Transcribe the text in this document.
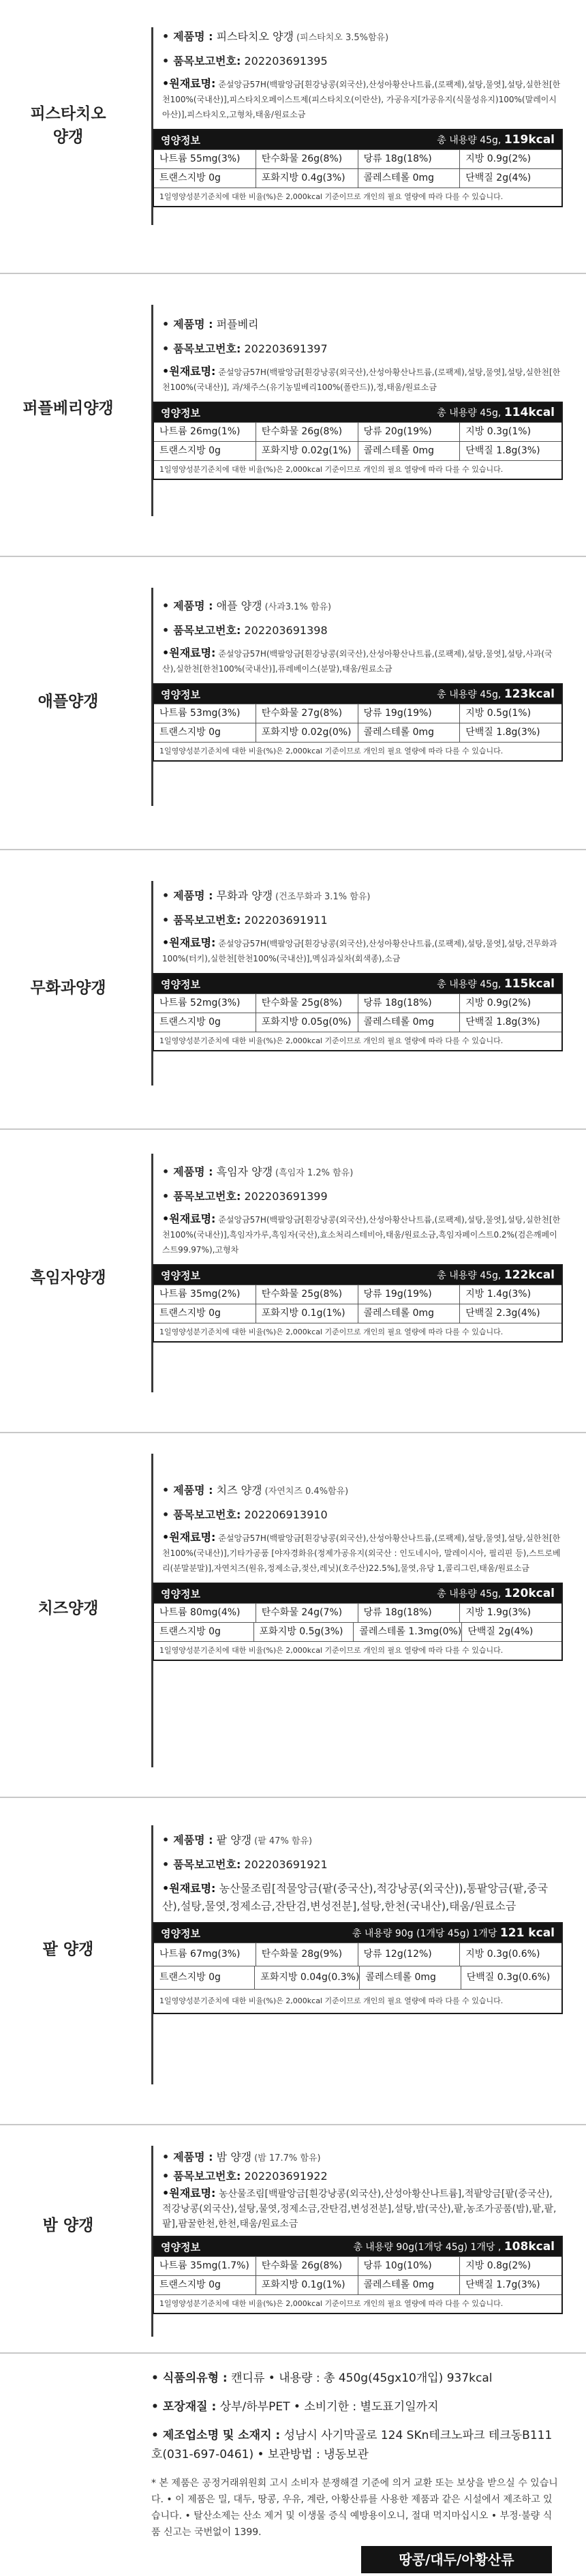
피스타치오
양갱
• 제품명 : 피스타치오 양갱 (피스타치오 3.5%함유)
• 품목보고번호: 202203691395
•원재료명: 준설앙금57H(백팔앙금[흰강낭콩(외국산),산성아황산나트륨,(로팩제),설탕,물엿],설탕,실한천[한천100%(국내산)],피스타치오페이스트제(피스타치오(이란산), 가공유지[가공유지(식물성유지)100%(말레이시아산)],피스타치오,고형차,태움/원료소금
영양정보	총 내용량 45g, 119kcal
나트륨 55mg(3%)	탄수화물 26g(8%)	당류 18g(18%)	지방 0.9g(2%)
트랜스지방 0g	포화지방 0.4g(3%)	콜레스테롤 0mg	단백질 2g(4%)
1일영양성분기준치에 대한 비율(%)은 2,000kcal 기준이므로 개인의 필요 열량에 따라 다를 수 있습니다.
퍼플베리양갱
• 제품명 : 퍼플베리
• 품목보고번호: 202203691397
•원재료명: 준설앙금57H(백팔앙금[흰강낭콩(외국산),산성아황산나트륨,(로팩제),설탕,물엿],설탕,실한천[한천100%(국내산)], 과/채주스(유기농빌베리100%(폴란드)),정,태움/원료소금
영양정보	총 내용량 45g, 114kcal
나트륨 26mg(1%)	탄수화물 26g(8%)	당류 20g(19%)	지방 0.3g(1%)
트랜스지방 0g	포화지방 0.02g(1%)	콜레스테롤 0mg	단백질 1.8g(3%)
1일영양성분기준치에 대한 비율(%)은 2,000kcal 기준이므로 개인의 필요 열량에 따라 다를 수 있습니다.
애플양갱
• 제품명 : 애플 양갱 (사과3.1% 함유)
• 품목보고번호: 202203691398
•원재료명: 준설앙금57H(백팔앙금[흰강낭콩(외국산),산성아황산나트륨,(로팩제),설탕,물엿],설탕,사과(국산),실한천[한천100%(국내산)],퓨레베이스(분말),태움/원료소금
영양정보	총 내용량 45g, 123kcal
나트륨 53mg(3%)	탄수화물 27g(8%)	당류 19g(19%)	지방 0.5g(1%)
트랜스지방 0g	포화지방 0.02g(0%)	콜레스테롤 0mg	단백질 1.8g(3%)
1일영양성분기준치에 대한 비율(%)은 2,000kcal 기준이므로 개인의 필요 열량에 따라 다를 수 있습니다.
무화과양갱
• 제품명 : 무화과 양갱 (건조무화과 3.1% 함유)
• 품목보고번호: 202203691911
•원재료명: 준설앙금57H(백팔앙금[흰강낭콩(외국산),산성아황산나트륨,(로팩제),설탕,물엿],설탕,건무화과100%(터키),실한천[한천100%(국내산)],멕심과실차(회색종),소금
영양정보	총 내용량 45g, 115kcal
나트륨 52mg(3%)	탄수화물 25g(8%)	당류 18g(18%)	지방 0.9g(2%)
트랜스지방 0g	포화지방 0.05g(0%)	콜레스테롤 0mg	단백질 1.8g(3%)
1일영양성분기준치에 대한 비율(%)은 2,000kcal 기준이므로 개인의 필요 열량에 따라 다를 수 있습니다.
흑임자양갱
• 제품명 : 흑임자 양갱 (흑임자 1.2% 함유)
• 품목보고번호: 202203691399
•원재료명: 준설앙금57H(백팔앙금[흰강낭콩(외국산),산성아황산나트륨,(로팩제),설탕,물엿],설탕,실한천[한천100%(국내산)],흑임자가루,흑임자(국산),효소처리스테비아,태움/원료소금,흑임자페이스트0.2%(검은깨페이스트99.97%),고형차
영양정보	총 내용량 45g, 122kcal
나트륨 35mg(2%)	탄수화물 25g(8%)	당류 19g(19%)	지방 1.4g(3%)
트랜스지방 0g	포화지방 0.1g(1%)	콜레스테롤 0mg	단백질 2.3g(4%)
1일영양성분기준치에 대한 비율(%)은 2,000kcal 기준이므로 개인의 필요 열량에 따라 다를 수 있습니다.
치즈양갱
• 제품명 : 치즈 양갱 (자연치즈 0.4%함유)
• 품목보고번호: 202206913910
•원재료명: 준설앙금57H(백팔앙금[흰강낭콩(외국산),산성아황산나트륨,(로팩제),설탕,물엿],설탕,실한천[한천100%(국내산)],기타가공품 [야자경화유(정제가공유지(외국산 : 인도네시아, 말레이시아, 필리핀 등),스트로베리(분말분말)],자연치즈(원유,정제소금,젖산,레닛)(호주산)22.5%],물엿,유당 1,콜리그린,태움/원료소금
영양정보	총 내용량 45g, 120kcal
나트륨 80mg(4%)	탄수화물 24g(7%)	당류 18g(18%)	지방 1.9g(3%)
트랜스지방 0g	포화지방 0.5g(3%)	콜레스테롤 1.3mg(0%) 단백질 2g(4%)
1일영양성분기준치에 대한 비율(%)은 2,000kcal 기준이므로 개인의 필요 열량에 따라 다를 수 있습니다.
팥 양갱
• 제품명 : 팥 양갱 (팥 47% 함유)
• 품목보고번호: 202203691921
•원재료명: 농산물조림[적물앙금(팥(중국산),적강낭콩(외국산)),통팥앙금(팥,중국산),설탕,물엿,정제소금,잔탄검,변성전분],설탕,한천(국내산),태움/원료소금
영양정보	총 내용량 90g (1개당 45g) 1개당 121 kcal
나트륨 67mg(3%)	탄수화물 28g(9%)	당류 12g(12%)	지방 0.3g(0.6%)
트랜스지방 0g	포화지방 0.04g(0.3%) 콜레스테롤 0mg	단백질 0.3g(0.6%)
1일영양성분기준치에 대한 비율(%)은 2,000kcal 기준이므로 개인의 필요 열량에 따라 다를 수 있습니다.
밤 양갱
• 제품명 : 밤 양갱 (밤 17.7% 함유)
• 품목보고번호: 202203691922
•원재료명: 농산물조림[백팔앙금[흰강낭콩(외국산),산성아황산나트륨],적팥앙금[팥(중국산),적강낭콩(외국산),설탕,물엿,정제소금,잔탄검,변성전분],설탕,밤(국산),팥,농조가공품(밤),팥,팥,팥],팜꿀한천,한천,태움/원료소금
영양정보	총 내용량 90g(1개당 45g) 1개당 , 108kcal
나트륨 35mg(1.7%)	탄수화물 26g(8%)	당류 10g(10%)	지방 0.8g(2%)
트랜스지방 0g	포화지방 0.1g(1%)	콜레스테롤 0mg	단백질 1.7g(3%)
1일영양성분기준치에 대한 비율(%)은 2,000kcal 기준이므로 개인의 필요 열량에 따라 다를 수 있습니다.
• 식품의유형 : 캔디류 • 내용량 : 총 450g(45gx10개입) 937kcal
• 포장재질 : 상부/하부PET • 소비기한 : 별도표기일까지
• 제조업소명 및 소재지 : 성남시 사기막골로 124 SKn테크노파크 테크동B111호(031-697-0461) • 보관방법 : 냉동보관
* 본 제품은 공정거래위원회 고시 소비자 분쟁해결 기준에 의거 교환 또는 보상을 받으실 수 있습니다. • 이 제품은 밀, 대두, 땅콩, 우유, 계란, 아황산류를 사용한 제품과 같은 시설에서 제조하고 있습니다. • 탈산소제는 산소 제거 및 이생물 증식 예방용이오니, 절대 먹지마십시오 • 부정·불량 식품 신고는 국번없이 1399.
땅콩/대두/아황산류
